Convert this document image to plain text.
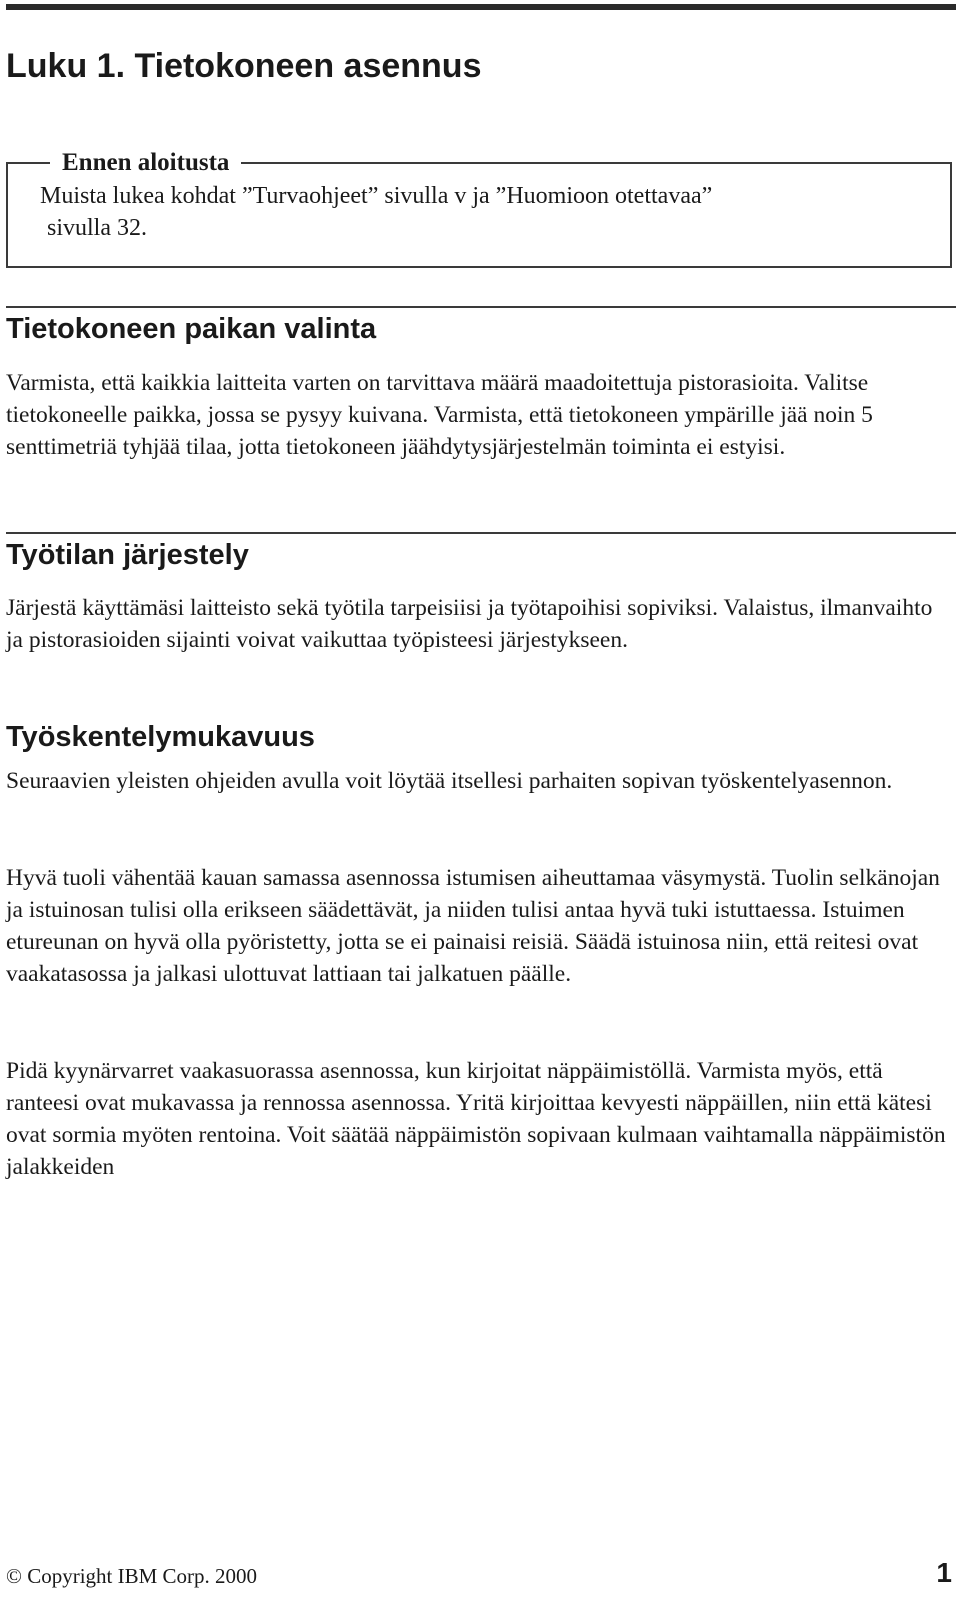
Luku 1. Tietokoneen asennus
Ennen aloitusta

Muista lukea kohdat ”Turvaohjeet” sivulla v ja ”Huomioon otettavaa”
sivulla 32.

Tietokoneen paikan valinta

Varmista, että kaikkia laitteita varten on tarvittava määrä maadoitettuja pistorasioita. Valitse tietokoneelle paikka, jossa se pysyy kuivana. Varmista, että tietokoneen ympärille jää noin 5 senttimetriä tyhjää tilaa, jotta tietokoneen jäähdytysjärjestelmän toiminta ei estyisi.

Työtilan järjestely

Järjestä käyttämäsi laitteisto sekä työtila tarpeisiisi ja työtapoihisi sopiviksi. Valaistus, ilmanvaihto ja pistorasioiden sijainti voivat vaikuttaa työpisteesi järjestykseen.

Työskentelymukavuus

Seuraavien yleisten ohjeiden avulla voit löytää itsellesi parhaiten sopivan työskentelyasennon.

Hyvä tuoli vähentää kauan samassa asennossa istumisen aiheuttamaa väsymystä. Tuolin selkänojan ja istuinosan tulisi olla erikseen säädettävät, ja niiden tulisi antaa hyvä tuki istuttaessa. Istuimen etureunan on hyvä olla pyöristetty, jotta se ei painaisi reisiä. Säädä istuinosa niin, että reitesi ovat vaakatasossa ja jalkasi ulottuvat lattiaan tai jalkatuen päälle.

Pidä kyynärvarret vaakasuorassa asennossa, kun kirjoitat näppäimistöllä. Varmista myös, että ranteesi ovat mukavassa ja rennossa asennossa. Yritä kirjoittaa kevyesti näppäillen, niin että kätesi ovat sormia myöten rentoina. Voit säätää näppäimistön sopivaan kulmaan vaihtamalla näppäimistön jalakkeiden

© Copyright IBM Corp. 2000	1
